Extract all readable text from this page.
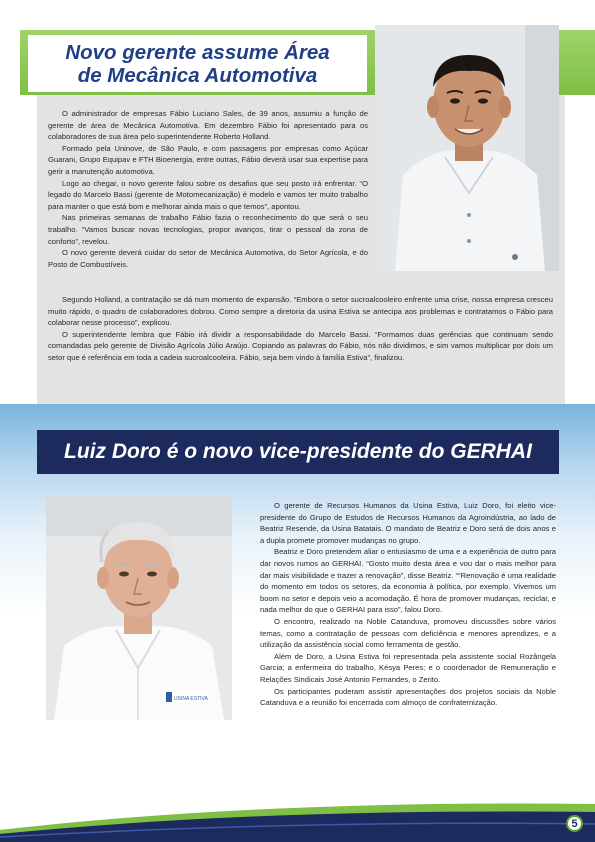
Novo gerente assume Área
de Mecânica Automotiva

O administrador de empresas Fábio Luciano Sales, de 39 anos, assumiu a função de gerente de área de Mecânica Automotiva. Em dezembro Fábio foi apresentado para os colaboradores de sua área pelo superintendente Roberto Holland.

Formado pela Uninove, de São Paulo, e com passagens por empresas como Açúcar Guarani, Grupo Equipav e FTH Bioenergia, entre outras, Fábio deverá usar sua expertise para gerir a manutenção automotiva.

Logo ao chegar, o novo gerente falou sobre os desafios que seu posto irá enfrentar. “O legado do Marcelo Bassi (gerente de Motomecanização) é modelo e vamos ter muito trabalho para manter o que está bom e melhorar ainda mais o que temos”, apontou.

Nas primeiras semanas de trabalho Fábio fazia o reconhecimento do que será o seu trabalho. “Vamos buscar novas tecnologias, propor avanços, tirar o pessoal da zona de conforto”, revelou.

O novo gerente deverá cuidar do setor de Mecânica Automotiva, do Setor Agrícola, e do Posto de Combustíveis.

Segundo Holland, a contratação se dá num momento de expansão. “Embora o setor sucroalcooleiro enfrente uma crise, nossa empresa cresceu muito rápido, o quadro de colaboradores dobrou. Como sempre a diretoria da usina Estiva se antecipa aos problemas e contratamos o Fábio para colaborar nesse processo”, explicou.

O superintendente lembra que Fábio irá dividir a responsabilidade do Marcelo Bassi. “Formamos duas gerências que continuam sendo comandadas pelo gerente de Divisão Agrícola Júlio Araújo. Copiando as palavras do Fábio, nós não dividimos, e sim vamos multiplicar por dois um setor que é referência em toda a cadeia sucroalcooleira. Fábio, seja bem vindo à família Estiva”, finalizou.

Luiz Doro é o novo vice-presidente do GERHAI
USINA ESTIVA

O gerente de Recursos Humanos da Usina Estiva, Luiz Doro, foi eleito vice-presidente do Grupo de Estudos de Recursos Humanos da Agroindústria, ao lado de Beatriz Resende, da Usina Batatais. O mandato de Beatriz e Doro será de dois anos e a dupla promete promover mudanças no grupo.

Beatriz e Doro pretendem aliar o entusiasmo de uma e a experiência de outro para dar novos rumos ao GERHAI. “Gosto muito desta área e vou dar o mais melhor para dar mais visibilidade e trazer a renovação”, disse Beatriz. ““Renovação é uma realidade do momento em todos os setores, da economia à política, por exemplo. Vivemos um boom no setor e depois veio a acomodação. É hora de promover mudanças, reciclar, e nada melhor do que o GERHAI para isso”, falou Doro.

O encontro, realizado na Noble Catanduva, promoveu discussões sobre vários temas, como a contratação de pessoas com deficiência e menores aprendizes, e a utilização da assistência social como ferramenta de gestão.

Além de Doro, a Usina Estiva foi representada pela assistente social Rozângela Garcia; a enfermeira do trabalho, Késya Peres; e o coordenador de Remuneração e Relações Sindicais José Antonio Fernandes, o Zerito.

Os participantes puderam assistir apresentações dos projetos sociais da Noble Catanduva e a reunião foi encerrada com almoço de confraternização.

5
